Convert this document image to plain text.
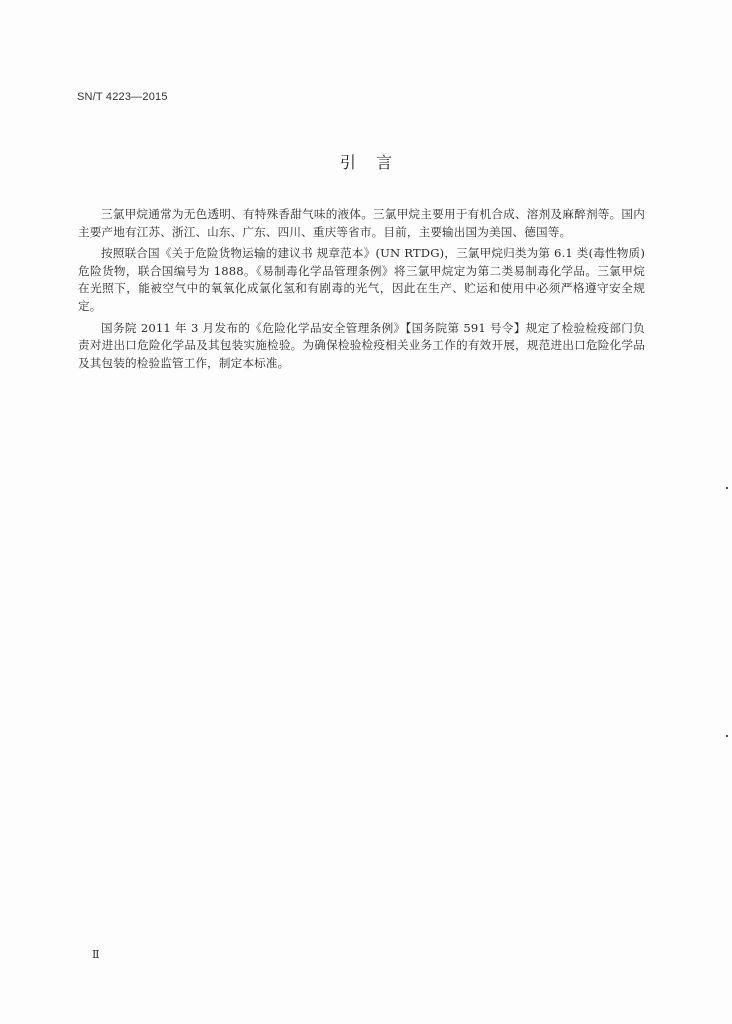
SN/T 4223—2015
引    言

三氯甲烷通常为无色透明、有特殊香甜气味的液体。三氯甲烷主要用于有机合成、溶剂及麻醉剂等。国内主要产地有江苏、浙江、山东、广东、四川、重庆等省市。目前，主要输出国为美国、德国等。

按照联合国《关于危险货物运输的建议书 规章范本》(UN RTDG)，三氯甲烷归类为第 6.1 类(毒性物质)危险货物，联合国编号为 1888。《易制毒化学品管理条例》将三氯甲烷定为第二类易制毒化学品。三氯甲烷在光照下，能被空气中的氧氧化成氯化氢和有剧毒的光气，因此在生产、贮运和使用中必须严格遵守安全规定。

国务院 2011 年 3 月发布的《危险化学品安全管理条例》【国务院第 591 号令】规定了检验检疫部门负责对进出口危险化学品及其包装实施检验。为确保检验检疫相关业务工作的有效开展，规范进出口危险化学品及其包装的检验监管工作，制定本标准。

Ⅱ
